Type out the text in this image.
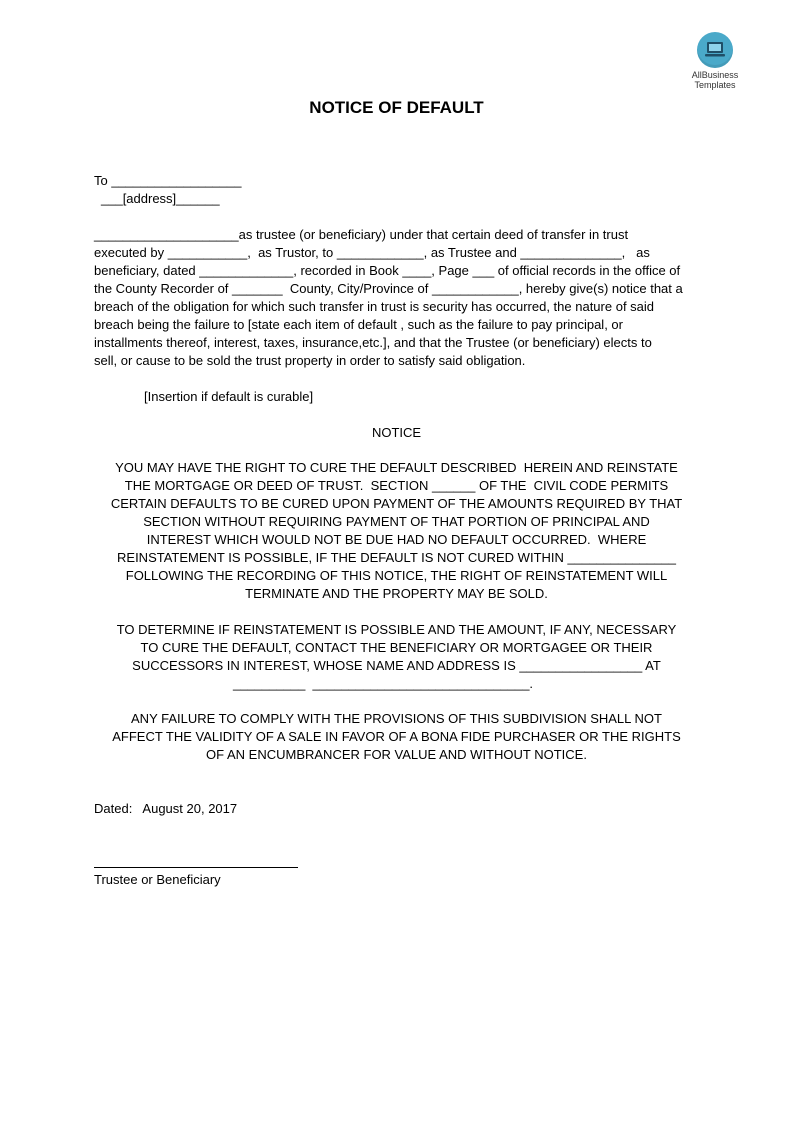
AllBusiness
Templates
NOTICE OF DEFAULT
To __________________
___[address]______
____________________as trustee (or beneficiary) under that certain deed of transfer in trust
executed by ___________,  as Trustor, to ____________, as Trustee and ______________,   as
beneficiary, dated _____________, recorded in Book ____, Page ___ of official records in the office of
the County Recorder of _______  County, City/Province of ____________, hereby give(s) notice that a
breach of the obligation for which such transfer in trust is security has occurred, the nature of said
breach being the failure to [state each item of default , such as the failure to pay principal, or
installments thereof, interest, taxes, insurance,etc.], and that the Trustee (or beneficiary) elects to
sell, or cause to be sold the trust property in order to satisfy said obligation.
[Insertion if default is curable]
NOTICE
YOU MAY HAVE THE RIGHT TO CURE THE DEFAULT DESCRIBED  HEREIN AND REINSTATE
THE MORTGAGE OR DEED OF TRUST.  SECTION ______ OF THE  CIVIL CODE PERMITS
CERTAIN DEFAULTS TO BE CURED UPON PAYMENT OF THE AMOUNTS REQUIRED BY THAT
SECTION WITHOUT REQUIRING PAYMENT OF THAT PORTION OF PRINCIPAL AND
INTEREST WHICH WOULD NOT BE DUE HAD NO DEFAULT OCCURRED.  WHERE
REINSTATEMENT IS POSSIBLE, IF THE DEFAULT IS NOT CURED WITHIN _______________
FOLLOWING THE RECORDING OF THIS NOTICE, THE RIGHT OF REINSTATEMENT WILL
TERMINATE AND THE PROPERTY MAY BE SOLD.
TO DETERMINE IF REINSTATEMENT IS POSSIBLE AND THE AMOUNT, IF ANY, NECESSARY
TO CURE THE DEFAULT, CONTACT THE BENEFICIARY OR MORTGAGEE OR THEIR
SUCCESSORS IN INTEREST, WHOSE NAME AND ADDRESS IS _________________ AT
__________  ______________________________.
ANY FAILURE TO COMPLY WITH THE PROVISIONS OF THIS SUBDIVISION SHALL NOT
AFFECT THE VALIDITY OF A SALE IN FAVOR OF A BONA FIDE PURCHASER OR THE RIGHTS
OF AN ENCUMBRANCER FOR VALUE AND WITHOUT NOTICE.
Dated:   August 20, 2017
Trustee or Beneficiary
